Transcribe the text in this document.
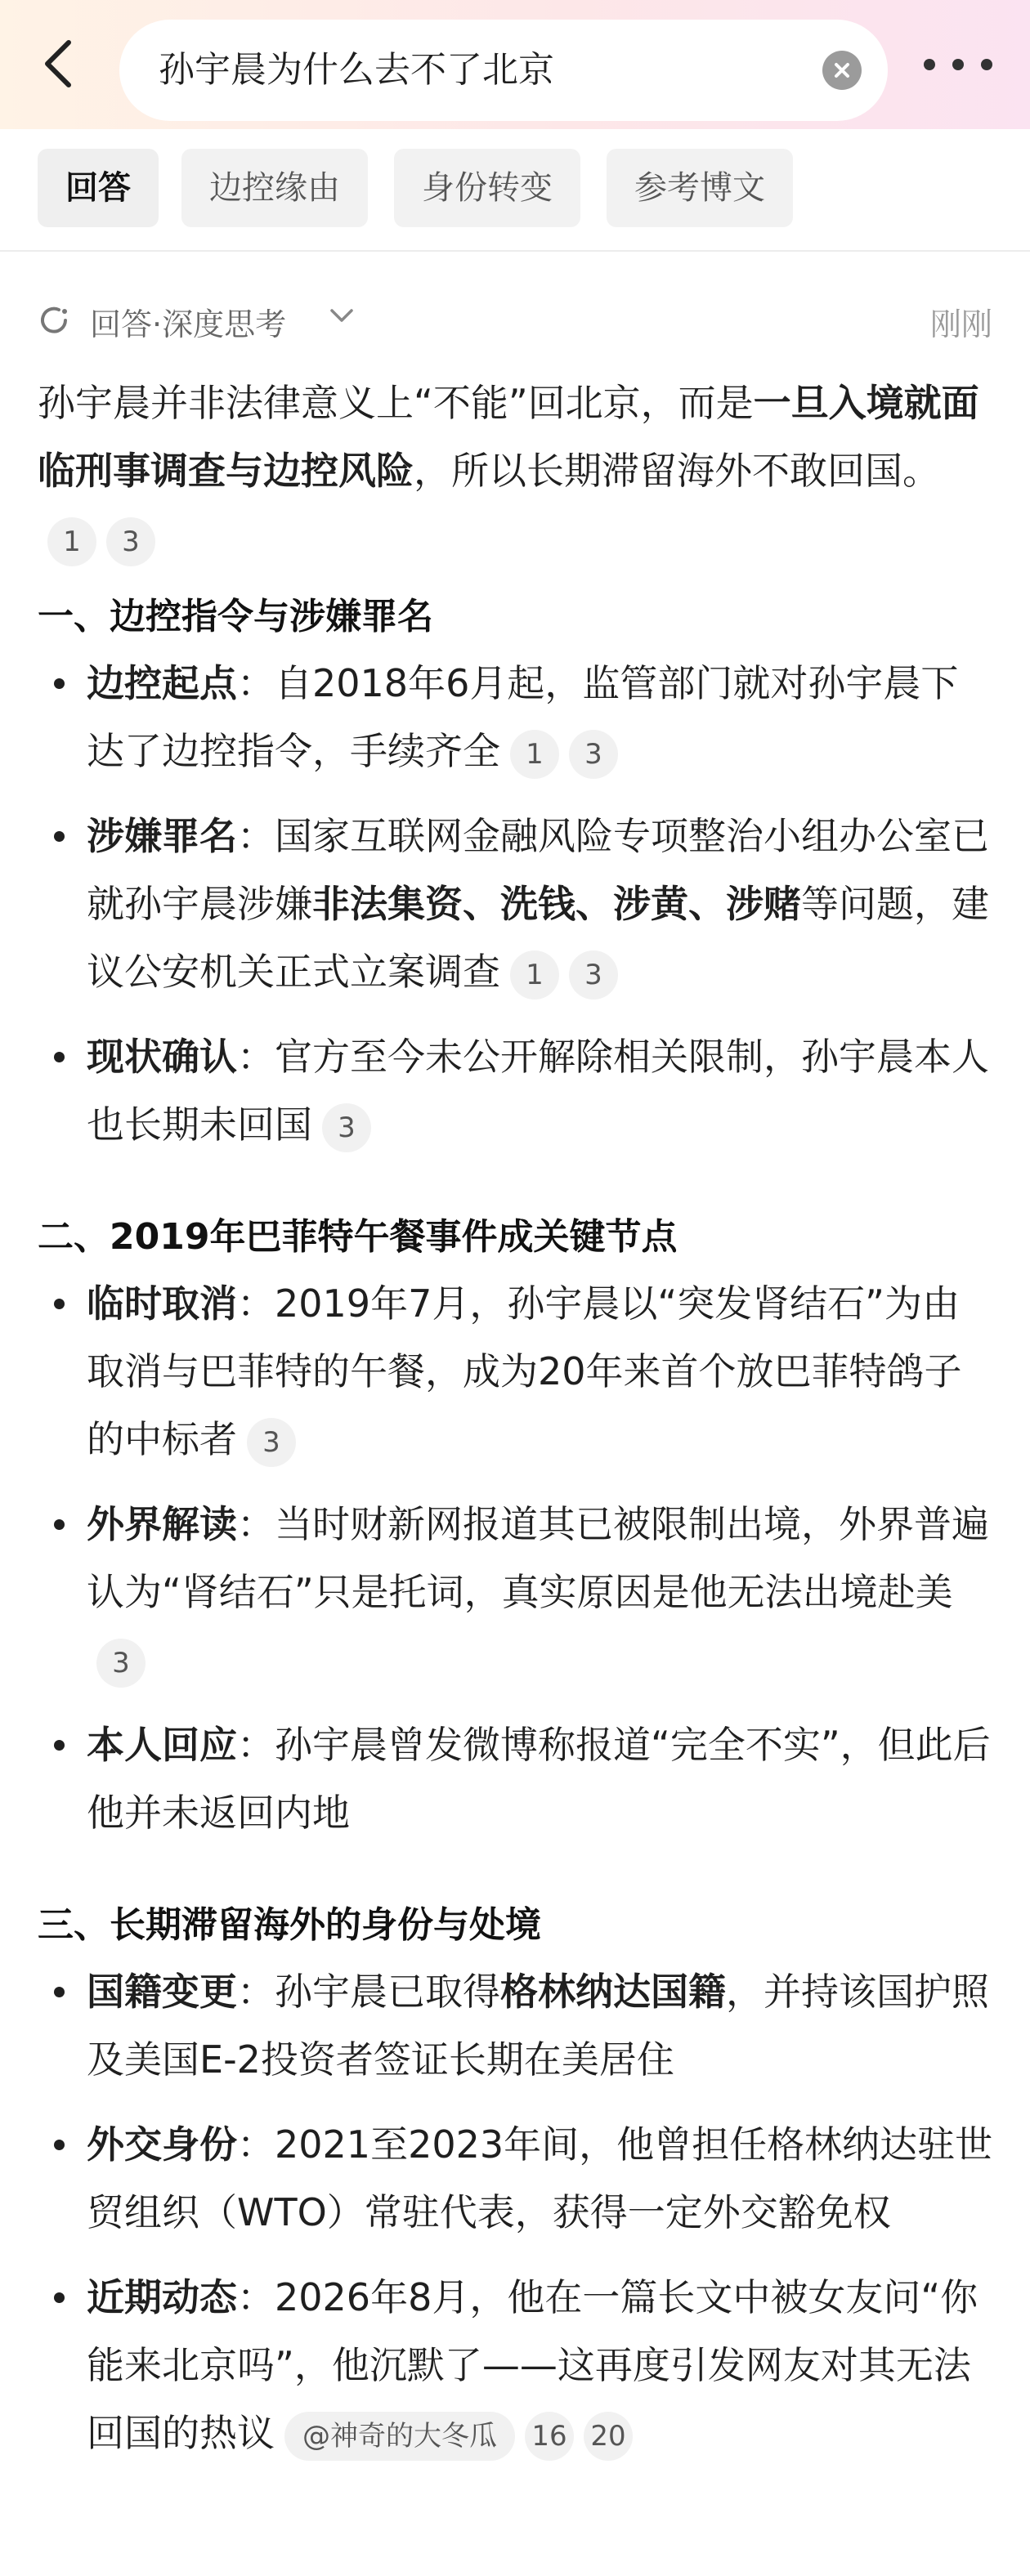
孙宇晨为什么去不了北京
回答	边控缘由	身份转变	参考博文
回答·深度思考	刚刚

孙宇晨并非法律意义上“不能”回北京，而是一旦入境就面临刑事调查与边控风险，所以长期滞留海外不敢回国。1 3

一、边控指令与涉嫌罪名

边控起点：自2018年6月起，监管部门就对孙宇晨下达了边控指令，手续齐全 1 3
涉嫌罪名：国家互联网金融风险专项整治小组办公室已就孙宇晨涉嫌非法集资、洗钱、涉黄、涉赌等问题，建议公安机关正式立案调查 1 3
现状确认：官方至今未公开解除相关限制，孙宇晨本人也长期未回国 3

二、2019年巴菲特午餐事件成关键节点

临时取消：2019年7月，孙宇晨以“突发肾结石”为由取消与巴菲特的午餐，成为20年来首个放巴菲特鸽子的中标者 3
外界解读：当时财新网报道其已被限制出境，外界普遍认为“肾结石”只是托词，真实原因是他无法出境赴美3
本人回应：孙宇晨曾发微博称报道“完全不实”，但此后他并未返回内地

三、长期滞留海外的身份与处境

国籍变更：孙宇晨已取得格林纳达国籍，并持该国护照及美国E-2投资者签证长期在美居住
外交身份：2021至2023年间，他曾担任格林纳达驻世贸组织（WTO）常驻代表，获得一定外交豁免权
近期动态：2026年8月，他在一篇长文中被女友问“你能来北京吗”，他沉默了——这再度引发网友对其无法回国的热议 @神奇的大冬瓜 16 20
